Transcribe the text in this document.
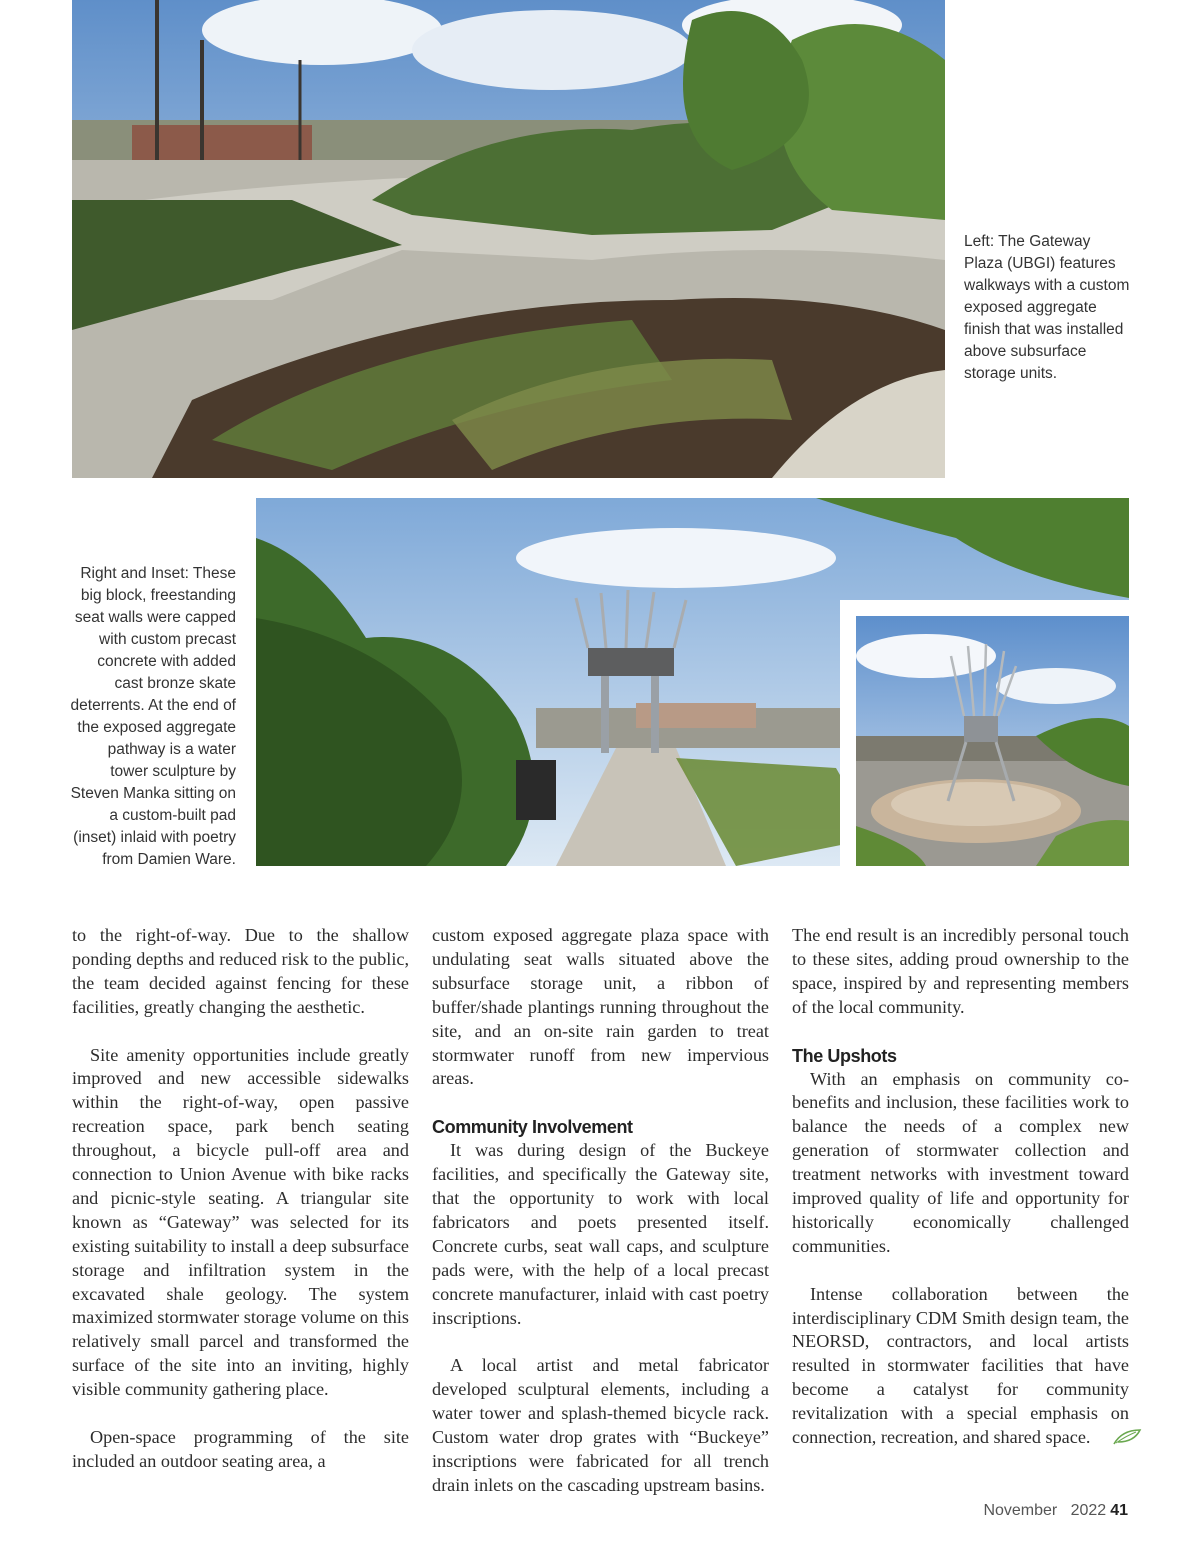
Left: The Gateway Plaza (UBGI) features walkways with a custom exposed aggregate finish that was installed above subsurface storage units.
Right and Inset: These big block, freestanding seat walls were capped with custom precast concrete with added cast bronze skate deterrents. At the end of the exposed aggregate pathway is a water tower sculpture by Steven Manka sitting on a custom-built pad (inset) inlaid with poetry from Damien Ware.

to the right-of-way. Due to the shallow ponding depths and reduced risk to the public, the team decided against fencing for these facilities, greatly changing the aesthetic.

Site amenity opportunities include greatly improved and new accessible sidewalks within the right-of-way, open passive recreation space, park bench seating throughout, a bicycle pull-off area and connection to Union Avenue with bike racks and picnic-style seating. A triangular site known as “Gateway” was selected for its existing suitability to install a deep subsurface storage and infiltration system in the excavated shale geology. The system maximized stormwater storage volume on this relatively small parcel and transformed the surface of the site into an inviting, highly visible community gathering place.

Open-space programming of the site included an outdoor seating area, a

custom exposed aggregate plaza space with undulating seat walls situated above the subsurface storage unit, a ribbon of buffer/shade plantings running throughout the site, and an on-site rain garden to treat stormwater runoff from new impervious areas.

Community Involvement

It was during design of the Buckeye facilities, and specifically the Gateway site, that the opportunity to work with local fabricators and poets presented itself. Concrete curbs, seat wall caps, and sculpture pads were, with the help of a local precast concrete manufacturer, inlaid with cast poetry inscriptions.

A local artist and metal fabricator developed sculptural elements, including a water tower and splash-themed bicycle rack. Custom water drop grates with “Buckeye” inscriptions were fabricated for all trench drain inlets on the cascading upstream basins.

The end result is an incredibly personal touch to these sites, adding proud ownership to the space, inspired by and representing members of the local community.

The Upshots

With an emphasis on community co-benefits and inclusion, these facilities work to balance the needs of a complex new generation of stormwater collection and treatment networks with investment toward improved quality of life and opportunity for historically economically challenged communities.

Intense collaboration between the interdisciplinary CDM Smith design team, the NEORSD, contractors, and local artists resulted in stormwater facilities that have become a catalyst for community revitalization with a special emphasis on connection, recreation, and shared space.

November 2022 41
